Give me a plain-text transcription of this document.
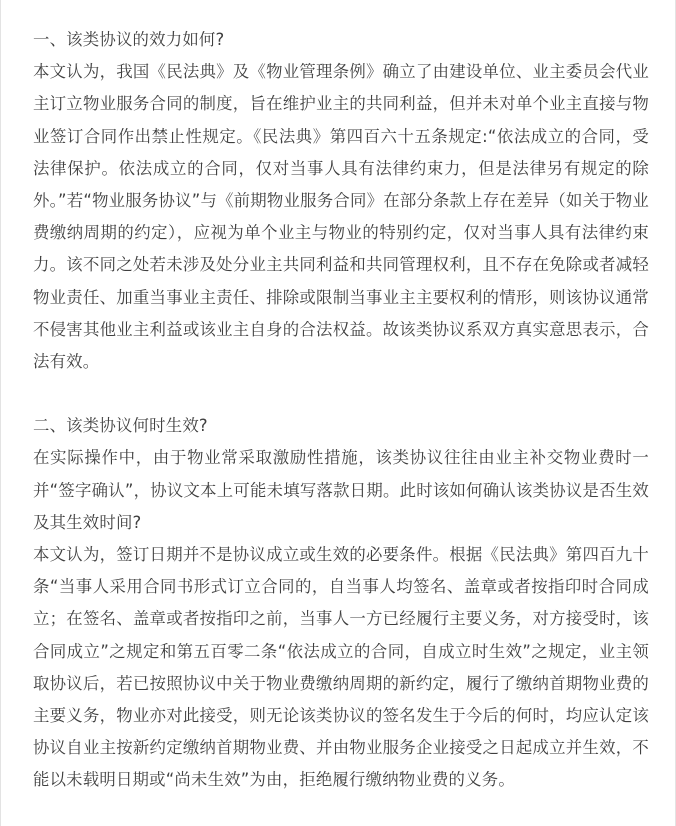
一、该类协议的效力如何?

本文认为，我国《民法典》及《物业管理条例》确立了由建设单位、业主委员会代业主订立物业服务合同的制度，旨在维护业主的共同利益，但并未对单个业主直接与物业签订合同作出禁止性规定。《民法典》第四百六十五条规定:“依法成立的合同，受法律保护。依法成立的合同，仅对当事人具有法律约束力，但是法律另有规定的除外。”若“物业服务协议”与《前期物业服务合同》在部分条款上存在差异（如关于物业费缴纳周期的约定），应视为单个业主与物业的特别约定，仅对当事人具有法律约束力。该不同之处若未涉及处分业主共同利益和共同管理权利，且不存在免除或者减轻物业责任、加重当事业主责任、排除或限制当事业主主要权利的情形，则该协议通常不侵害其他业主利益或该业主自身的合法权益。故该类协议系双方真实意思表示，合法有效。

二、该类协议何时生效?

在实际操作中，由于物业常采取激励性措施，该类协议往往由业主补交物业费时一并“签字确认”，协议文本上可能未填写落款日期。此时该如何确认该类协议是否生效及其生效时间?

本文认为，签订日期并不是协议成立或生效的必要条件。根据《民法典》第四百九十条“当事人采用合同书形式订立合同的，自当事人均签名、盖章或者按指印时合同成立；在签名、盖章或者按指印之前，当事人一方已经履行主要义务，对方接受时，该合同成立”之规定和第五百零二条“依法成立的合同，自成立时生效”之规定，业主领取协议后，若已按照协议中关于物业费缴纳周期的新约定，履行了缴纳首期物业费的主要义务，物业亦对此接受，则无论该类协议的签名发生于今后的何时，均应认定该协议自业主按新约定缴纳首期物业费、并由物业服务企业接受之日起成立并生效，不能以未载明日期或“尚未生效”为由，拒绝履行缴纳物业费的义务。
